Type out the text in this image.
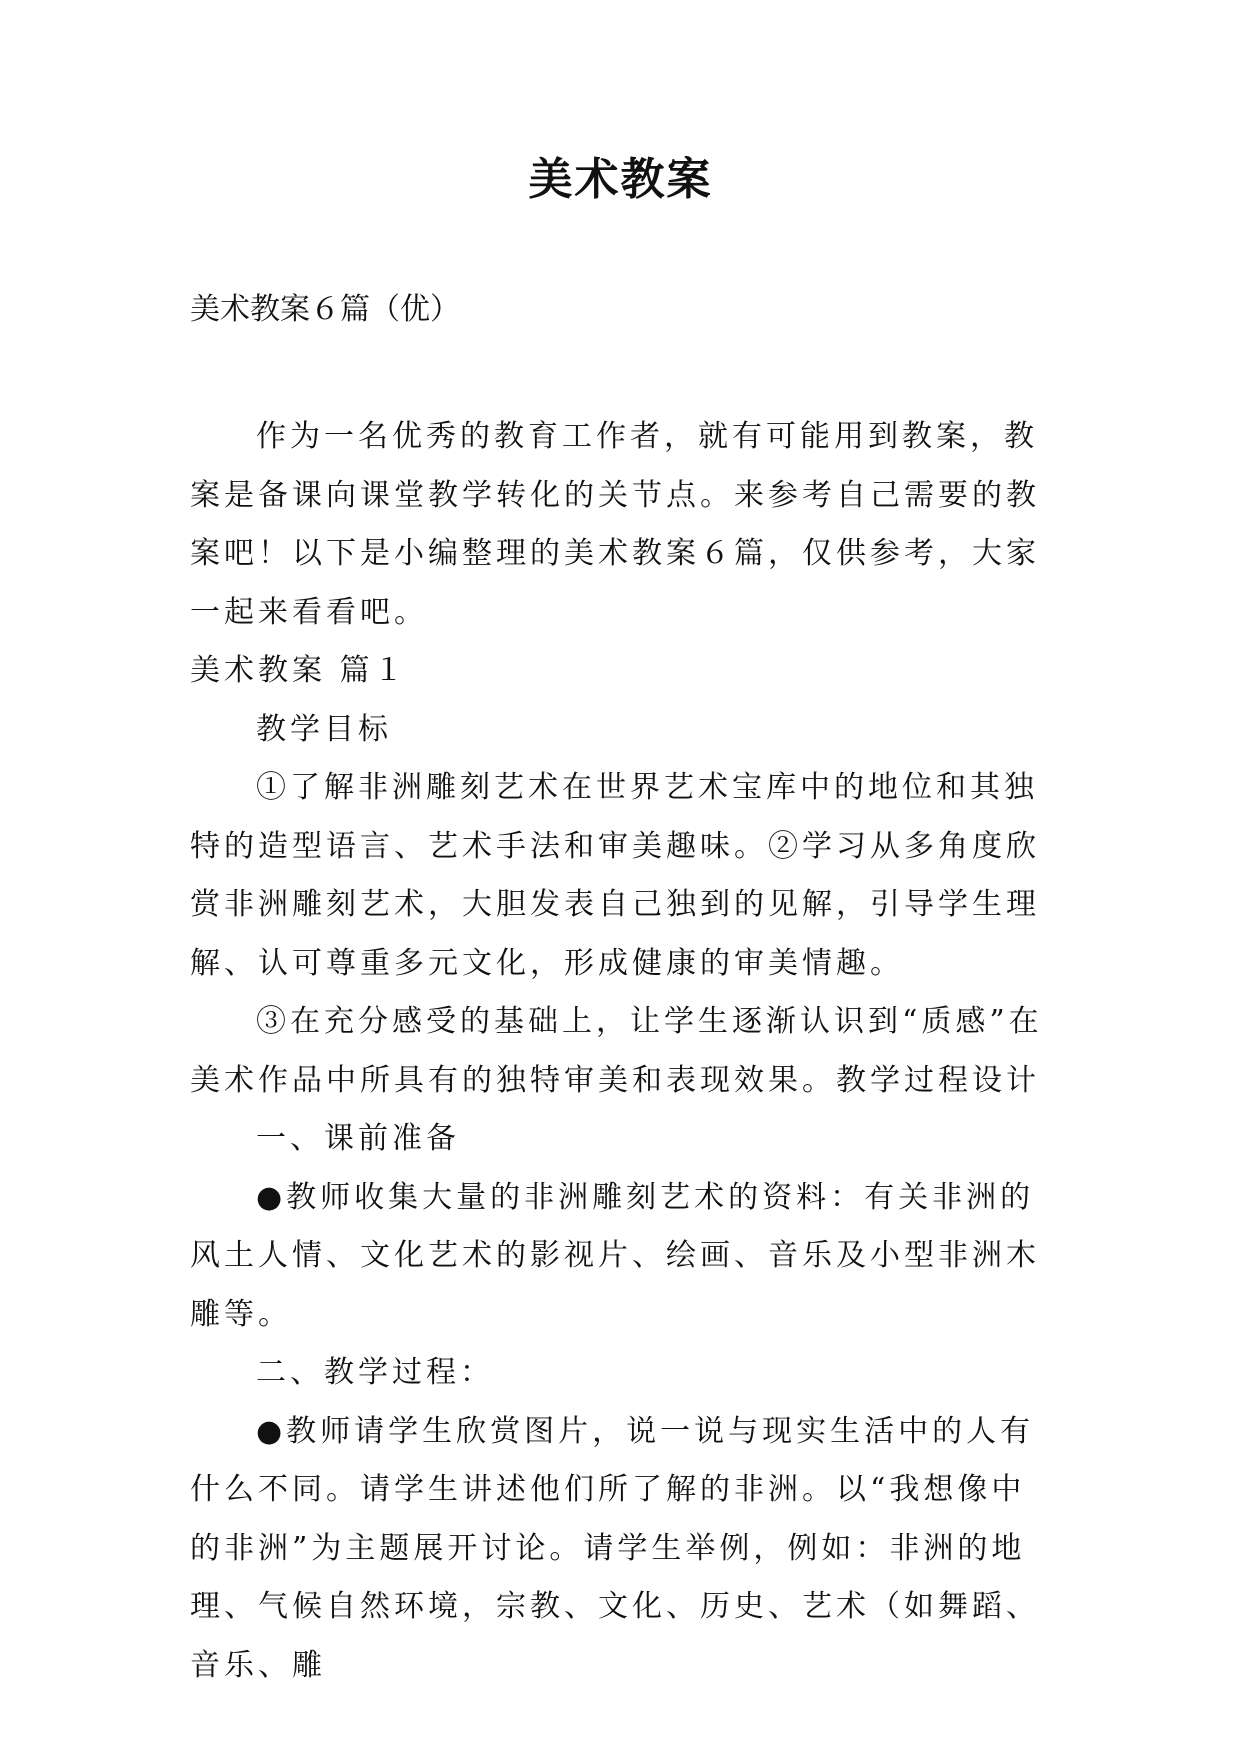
美术教案
美术教案６篇（优）

作为一名优秀的教育工作者，就有可能用到教案，教案是备课向课堂教学转化的关节点。来参考自己需要的教案吧！以下是小编整理的美术教案６篇，仅供参考，大家一起来看看吧。

美术教案 篇１

教学目标

①了解非洲雕刻艺术在世界艺术宝库中的地位和其独特的造型语言、艺术手法和审美趣味。②学习从多角度欣赏非洲雕刻艺术，大胆发表自己独到的见解，引导学生理解、认可尊重多元文化，形成健康的审美情趣。

③在充分感受的基础上，让学生逐渐认识到“质感”在美术作品中所具有的独特审美和表现效果。教学过程设计

一、课前准备

●教师收集大量的非洲雕刻艺术的资料：有关非洲的风土人情、文化艺术的影视片、绘画、音乐及小型非洲木雕等。

二、教学过程：

●教师请学生欣赏图片，说一说与现实生活中的人有什么不同。请学生讲述他们所了解的非洲。以“我想像中的非洲”为主题展开讨论。请学生举例，例如：非洲的地理、气候自然环境，宗教、文化、历史、艺术（如舞蹈、音乐、雕
